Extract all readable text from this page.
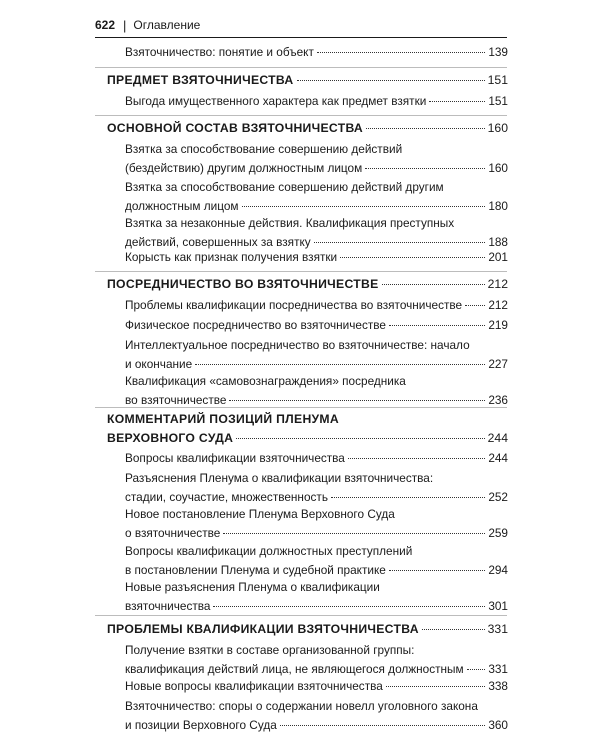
622 | Оглавление
Взяточничество: понятие и объект	139
ПРЕДМЕТ ВЗЯТОЧНИЧЕСТВА	151
Выгода имущественного характера как предмет взятки	151
ОСНОВНОЙ СОСТАВ ВЗЯТОЧНИЧЕСТВА	160
Взятка за способствование совершению действий
(бездействию) другим должностным лицом	160
Взятка за способствование совершению действий другим
должностным лицом	180
Взятка за незаконные действия. Квалификация преступных
действий, совершенных за взятку	188
Корысть как признак получения взятки	201
ПОСРЕДНИЧЕСТВО ВО ВЗЯТОЧНИЧЕСТВЕ	212
Проблемы квалификации посредничества во взяточничестве 212
Физическое посредничество во взяточничестве	219
Интеллектуальное посредничество во взяточничестве: начало
и окончание	227
Квалификация «самовознаграждения» посредника
во взяточничестве	236
КОММЕНТАРИЙ ПОЗИЦИЙ ПЛЕНУМА
ВЕРХОВНОГО СУДА	244
Вопросы квалификации взяточничества	244
Разъяснения Пленума о квалификации взяточничества:
стадии, соучастие, множественность	252
Новое постановление Пленума Верховного Суда
о взяточничестве	259
Вопросы квалификации должностных преступлений
в постановлении Пленума и судебной практике	294
Новые разъяснения Пленума о квалификации
взяточничества	301
ПРОБЛЕМЫ КВАЛИФИКАЦИИ ВЗЯТОЧНИЧЕСТВА	331
Получение взятки в составе организованной группы:
квалификация действий лица, не являющегося должностным 331
Новые вопросы квалификации взяточничества	338
Взяточничество: споры о содержании новелл уголовного закона
и позиции Верховного Суда	360
